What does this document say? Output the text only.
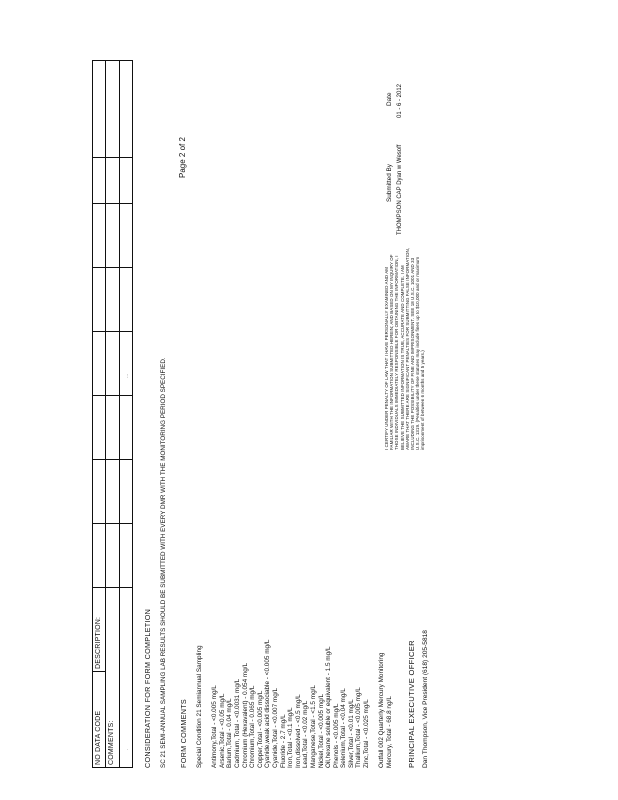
Page 2 of 2
NO DATA CODE
DESCRIPTION:
COMMENTS: .
...
CONSIDERATION FOR FORM COMPLETION SC 21 SEMI-ANNUAL SAMPLING LAB RESULTS SHOULD BE SUBMITTED WITH EVERY DMR WITH THE MONITORING PERIOD SPECIFIED. FORM COMMENTS Special Condition 21 Semiannual Sampling
Antimony,Total - <0.005 mg/L Arsenic,Total - <0.05 mg/L Barium,Total - 0.04 mg/L Cadmium, Total - <0.0031 mg/L Chromium (Hexavalent) - 0.054 mg/L Chromium,Total - 0.065 mg/L Copper,Total - <0.005 mg/L Cyanide,weak acid dissociable - <0.005 mg/L Cyanide,Total - <0.007 mg/L Fluoride - 2.7 mg/L Iron,Total - <0.1 mg/L Iron,dissolved - <0.5 mg/L Lead,Total - <0.02 mg/L Manganese,Total - <1.5 mg/L Nickel,Total - <0.005 mg/L Oil,hexane soluble or equivalent - 1.5 mg/L Phenols - <0.005 mg/L Selenium,Total - <0.04 mg/L Silver,Total - <0.01 mg/L Thallium,Total - <0.005 mg/L Zinc,Total - <0.025 mg/L
Outfall 002 Quarterly Mercury Monitoring Mercury, Total - 68.8 ng/L PRINCIPAL EXECUTIVE OFFICER Dan Thompson, Vice President (618) 205-5818
I CERTIFY UNDER PENALTY OF LAW THAT I HAVE PERSONALLY EXAMINED AND AM FAMILIAR WITH THE INFORMATION SUBMITTED HEREIN; AND BASED ON MY INQUIRY OF THOSE INDIVIDUALS IMMEDIATELY RESPONSIBLE FOR OBTAINING THE INFORMATION, I BELIEVE THE SUBMITTED INFORMATION IS TRUE, ACCURATE AND COMPLETE. I AM AWARE THAT THERE ARE SIGNIFICANT PENALTIES FOR SUBMITTING FALSE INFORMATION, INCLUDING THE POSSIBILITY OF FINE AND IMPRISONMENT. SEE 18 U.S.C. 1001 AND 33 U.S.C. 1319. (Penalties under these statutes may include fines up to $10,000 and or maximum imprisonment of between 6 months and 5 years.)
Submitted By
Date
THOMPSON CAP Dyan w Wesoff
01 - 6 - 2012
